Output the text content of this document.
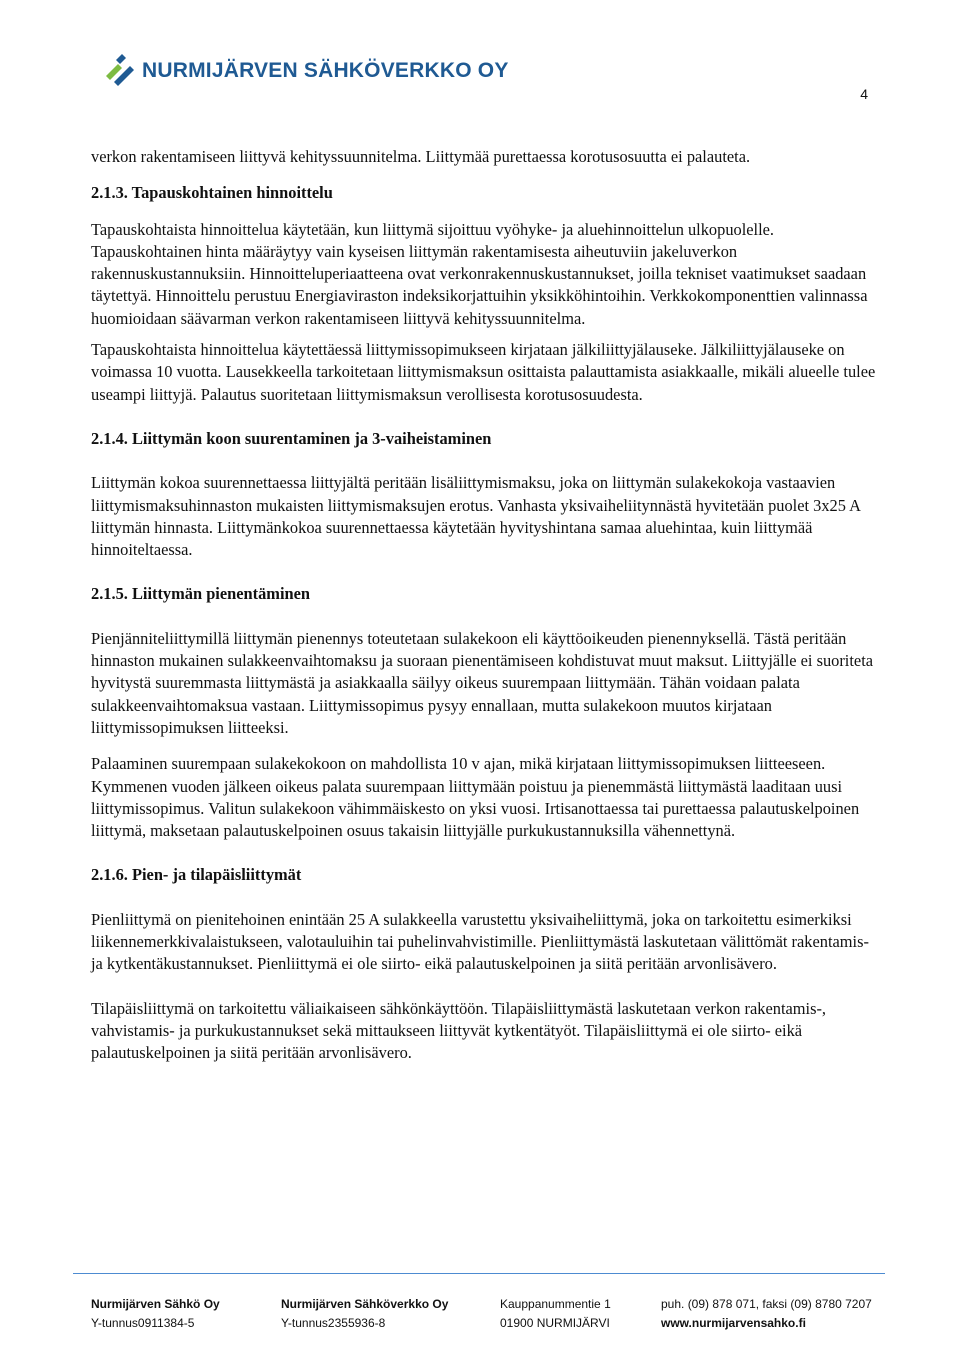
NURMIJÄRVEN SÄHKÖVERKKO OY
4

verkon rakentamiseen liittyvä kehityssuunnitelma. Liittymää purettaessa korotusosuutta ei palauteta.

2.1.3. Tapauskohtainen hinnoittelu

Tapauskohtaista hinnoittelua käytetään, kun liittymä sijoittuu vyöhyke- ja aluehinnoittelun ulkopuolelle. Tapauskohtainen hinta määräytyy vain kyseisen liittymän rakentamisesta aiheutuviin jakeluverkon rakennuskustannuksiin. Hinnoitteluperiaatteena ovat verkonrakennuskustannukset, joilla tekniset vaatimukset saadaan täytettyä. Hinnoittelu perustuu Energiaviraston indeksikorjattuihin yksikköhintoihin. Verkkokomponenttien valinnassa huomioidaan säävarman verkon rakentamiseen liittyvä kehityssuunnitelma.

Tapauskohtaista hinnoittelua käytettäessä liittymissopimukseen kirjataan jälkiliittyjälauseke. Jälkiliittyjälauseke on voimassa 10 vuotta. Lausekkeella tarkoitetaan liittymismaksun osittaista palauttamista asiakkaalle, mikäli alueelle tulee useampi liittyjä. Palautus suoritetaan liittymismaksun verollisesta korotusosuudesta.

2.1.4. Liittymän koon suurentaminen ja 3-vaiheistaminen

Liittymän kokoa suurennettaessa liittyjältä peritään lisäliittymismaksu, joka on liittymän sulakekokoja vastaavien liittymismaksuhinnaston mukaisten liittymismaksujen erotus. Vanhasta yksivaiheliitynnästä hyvitetään puolet 3x25 A liittymän hinnasta. Liittymänkokoa suurennettaessa käytetään hyvityshintana samaa aluehintaa, kuin liittymää hinnoiteltaessa.

2.1.5. Liittymän pienentäminen

Pienjänniteliittymillä liittymän pienennys toteutetaan sulakekoon eli käyttöoikeuden pienennyksellä. Tästä peritään hinnaston mukainen sulakkeenvaihtomaksu ja suoraan pienentämiseen kohdistuvat muut maksut. Liittyjälle ei suoriteta hyvitystä suuremmasta liittymästä ja asiakkaalla säilyy oikeus suurempaan liittymään. Tähän voidaan palata sulakkeenvaihtomaksua vastaan. Liittymissopimus pysyy ennallaan, mutta sulakekoon muutos kirjataan liittymissopimuksen liitteeksi.

Palaaminen suurempaan sulakekokoon on mahdollista 10 v ajan, mikä kirjataan liittymissopimuksen liitteeseen. Kymmenen vuoden jälkeen oikeus palata suurempaan liittymään poistuu ja pienemmästä liittymästä laaditaan uusi liittymissopimus. Valitun sulakekoon vähimmäiskesto on yksi vuosi. Irtisanottaessa tai purettaessa palautuskelpoinen liittymä, maksetaan palautuskelpoinen osuus takaisin liittyjälle purkukustannuksilla vähennettynä.

2.1.6. Pien- ja tilapäisliittymät

Pienliittymä on pienitehoinen enintään 25 A sulakkeella varustettu yksivaiheliittymä, joka on tarkoitettu esimerkiksi liikennemerkkivalaistukseen, valotauluihin tai puhelinvahvistimille. Pienliittymästä laskutetaan välittömät rakentamis- ja kytkentäkustannukset. Pienliittymä ei ole siirto- eikä palautuskelpoinen ja siitä peritään arvonlisävero.

Tilapäisliittymä on tarkoitettu väliaikaiseen sähkönkäyttöön. Tilapäisliittymästä laskutetaan verkon rakentamis-, vahvistamis- ja purkukustannukset sekä mittaukseen liittyvät kytkentätyöt. Tilapäisliittymä ei ole siirto- eikä palautuskelpoinen ja siitä peritään arvonlisävero.

Nurmijärven Sähkö Oy	Nurmijärven Sähköverkko Oy	Kauppanummentie 1	puh. (09) 878 071, faksi (09) 8780 7207
Y-tunnus0911384-5	Y-tunnus2355936-8	01900 NURMIJÄRVI	www.nurmijarvensahko.fi
